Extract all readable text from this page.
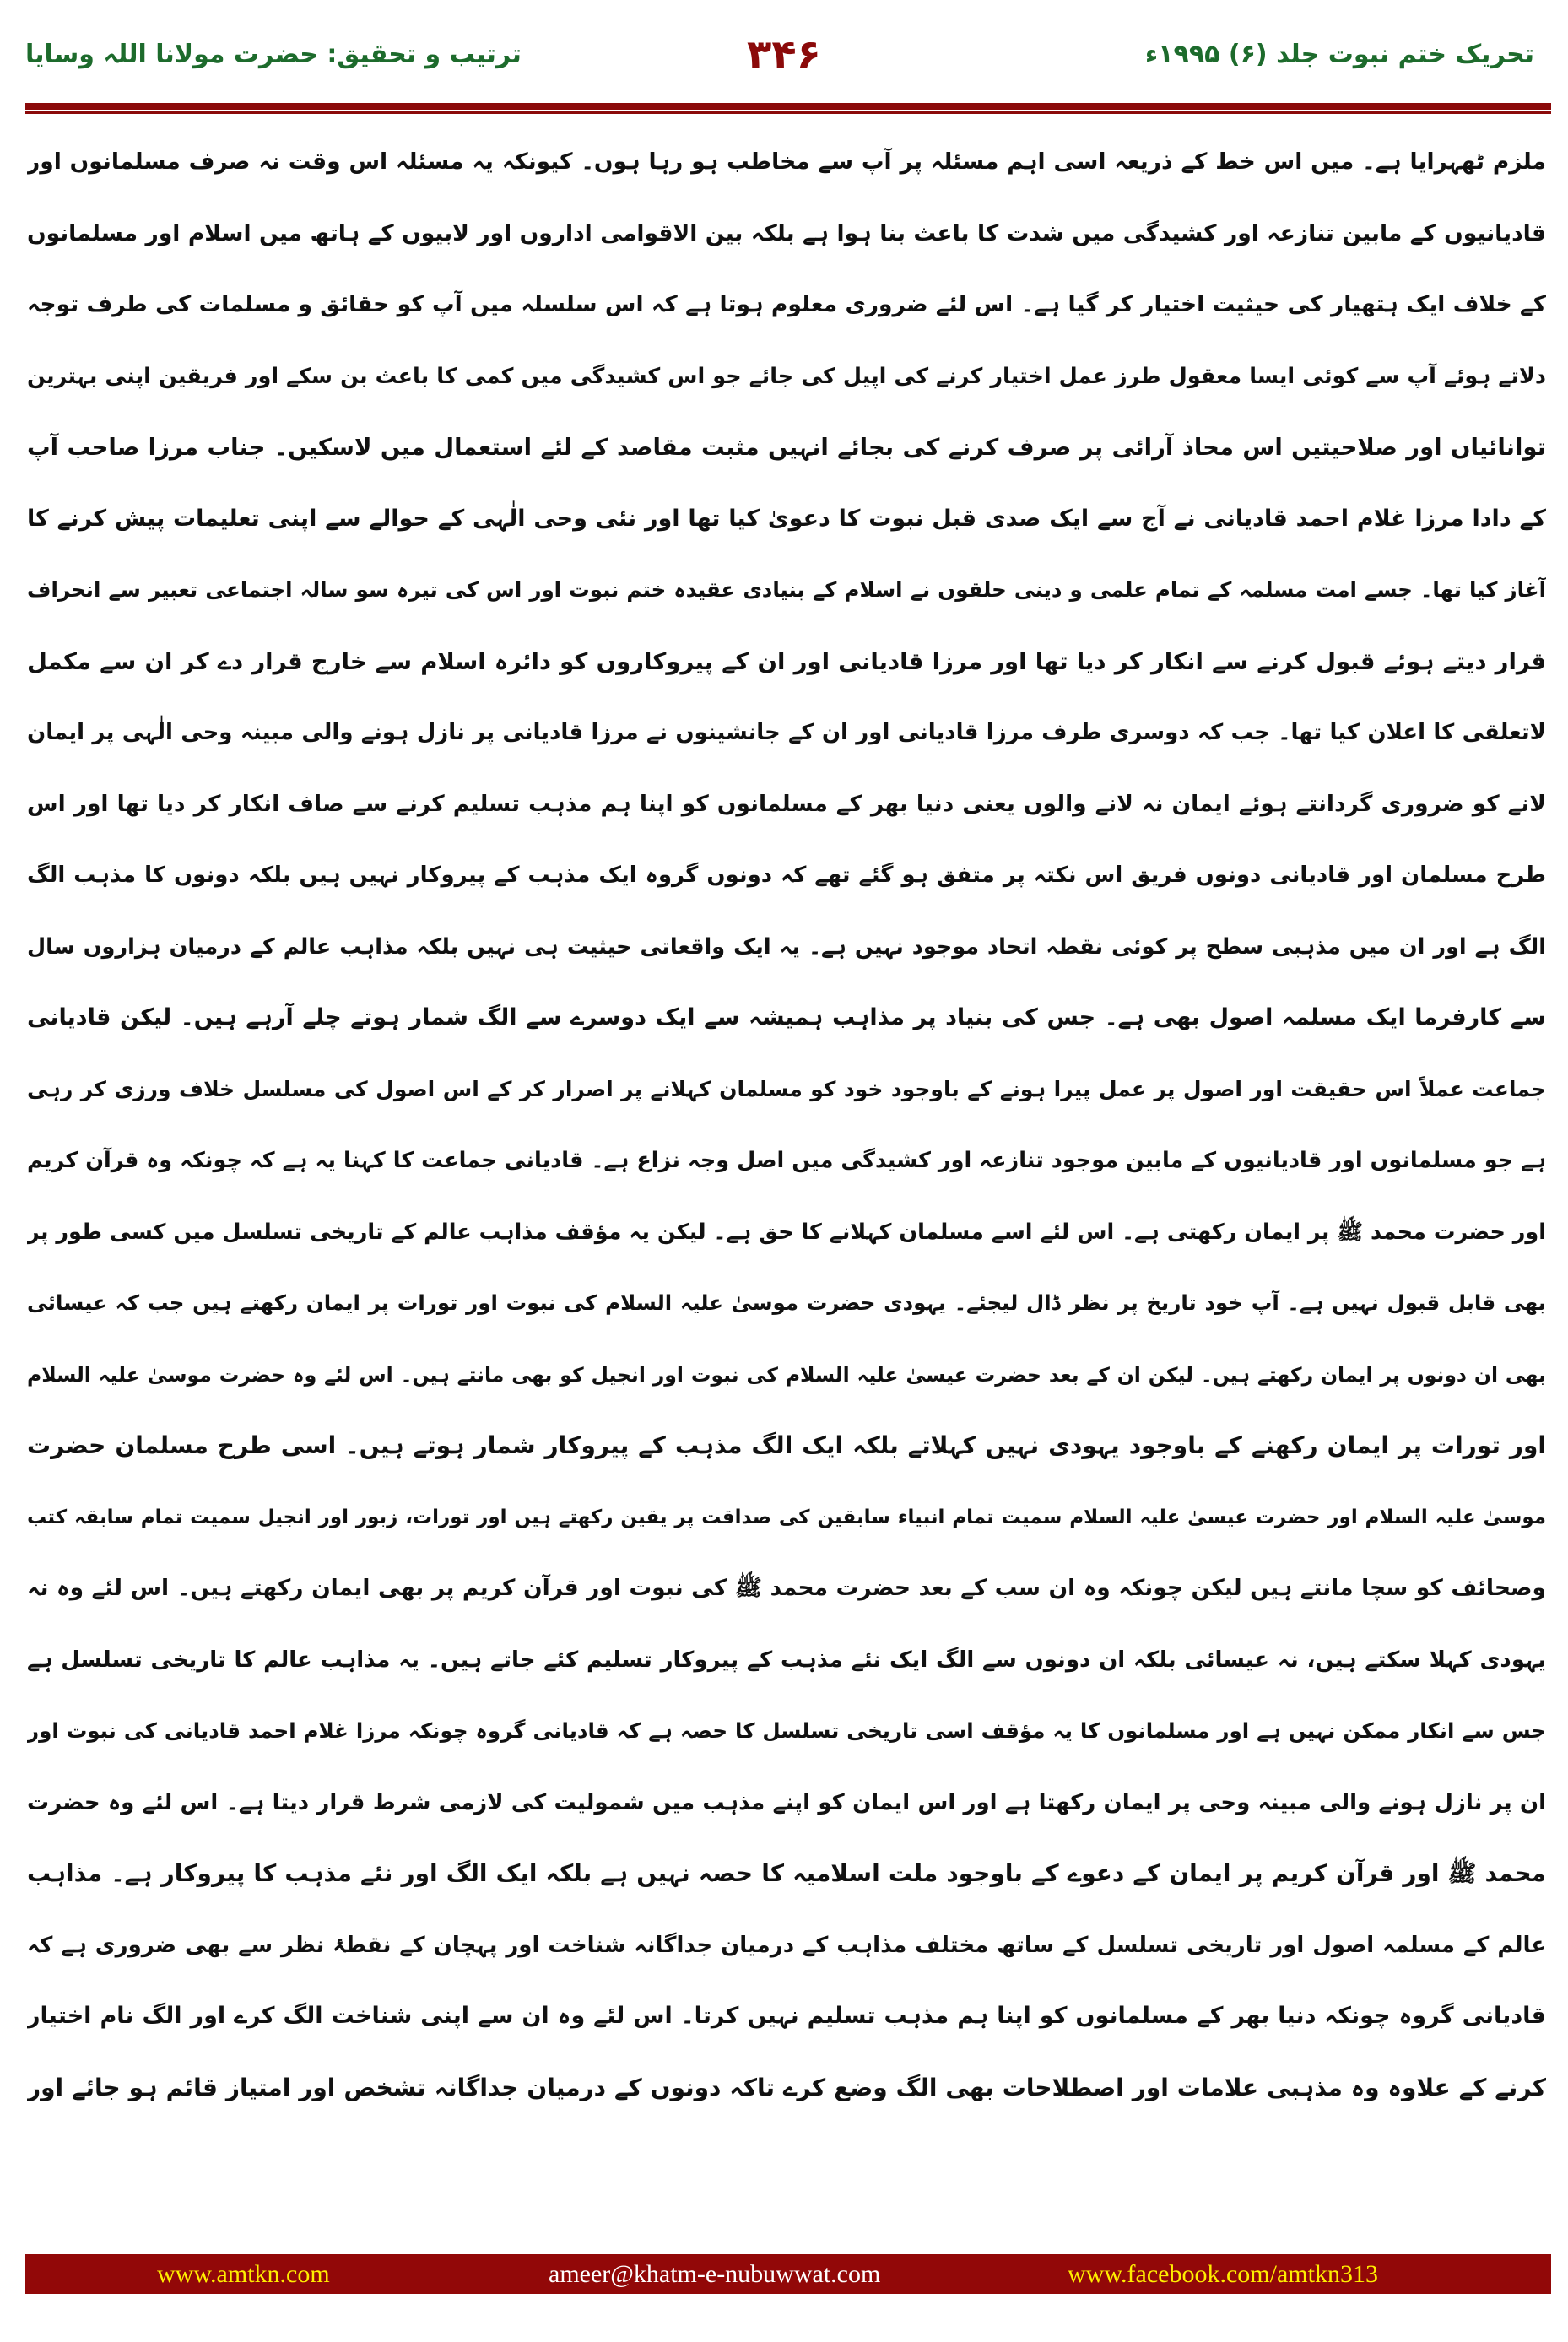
تحریک ختم نبوت جلد (۶) ۱۹۹۵ء
۳۴۶
ترتیب و تحقیق: حضرت مولانا اللہ وسایا
ملزم ٹھہرایا ہے۔ میں اس خط کے ذریعہ اسی اہم مسئلہ پر آپ سے مخاطب ہو رہا ہوں۔ کیونکہ یہ مسئلہ اس وقت نہ صرف مسلمانوں اور
قادیانیوں کے مابین تنازعہ اور کشیدگی میں شدت کا باعث بنا ہوا ہے بلکہ بین الاقوامی اداروں اور لابیوں کے ہاتھ میں اسلام اور مسلمانوں
کے خلاف ایک ہتھیار کی حیثیت اختیار کر گیا ہے۔ اس لئے ضروری معلوم ہوتا ہے کہ اس سلسلہ میں آپ کو حقائق و مسلمات کی طرف توجہ
دلاتے ہوئے آپ سے کوئی ایسا معقول طرز عمل اختیار کرنے کی اپیل کی جائے جو اس کشیدگی میں کمی کا باعث بن سکے اور فریقین اپنی بہترین
توانائیاں اور صلاحیتیں اس محاذ آرائی پر صرف کرنے کی بجائے انہیں مثبت مقاصد کے لئے استعمال میں لاسکیں۔ جناب مرزا صاحب آپ
کے دادا مرزا غلام احمد قادیانی نے آج سے ایک صدی قبل نبوت کا دعویٰ کیا تھا اور نئی وحی الٰہی کے حوالے سے اپنی تعلیمات پیش کرنے کا
آغاز کیا تھا۔ جسے امت مسلمہ کے تمام علمی و دینی حلقوں نے اسلام کے بنیادی عقیدہ ختم نبوت اور اس کی تیرہ سو سالہ اجتماعی تعبیر سے انحراف
قرار دیتے ہوئے قبول کرنے سے انکار کر دیا تھا اور مرزا قادیانی اور ان کے پیروکاروں کو دائرہ اسلام سے خارج قرار دے کر ان سے مکمل
لاتعلقی کا اعلان کیا تھا۔ جب کہ دوسری طرف مرزا قادیانی اور ان کے جانشینوں نے مرزا قادیانی پر نازل ہونے والی مبینہ وحی الٰہی پر ایمان
لانے کو ضروری گردانتے ہوئے ایمان نہ لانے والوں یعنی دنیا بھر کے مسلمانوں کو اپنا ہم مذہب تسلیم کرنے سے صاف انکار کر دیا تھا اور اس
طرح مسلمان اور قادیانی دونوں فریق اس نکتہ پر متفق ہو گئے تھے کہ دونوں گروہ ایک مذہب کے پیروکار نہیں ہیں بلکہ دونوں کا مذہب الگ
الگ ہے اور ان میں مذہبی سطح پر کوئی نقطہ اتحاد موجود نہیں ہے۔ یہ ایک واقعاتی حیثیت ہی نہیں بلکہ مذاہب عالم کے درمیان ہزاروں سال
سے کارفرما ایک مسلمہ اصول بھی ہے۔ جس کی بنیاد پر مذاہب ہمیشہ سے ایک دوسرے سے الگ شمار ہوتے چلے آرہے ہیں۔ لیکن قادیانی
جماعت عملاً اس حقیقت اور اصول پر عمل پیرا ہونے کے باوجود خود کو مسلمان کہلانے پر اصرار کر کے اس اصول کی مسلسل خلاف ورزی کر رہی
ہے جو مسلمانوں اور قادیانیوں کے مابین موجود تنازعہ اور کشیدگی میں اصل وجہ نزاع ہے۔ قادیانی جماعت کا کہنا یہ ہے کہ چونکہ وہ قرآن کریم
اور حضرت محمد ﷺ پر ایمان رکھتی ہے۔ اس لئے اسے مسلمان کہلانے کا حق ہے۔ لیکن یہ مؤقف مذاہب عالم کے تاریخی تسلسل میں کسی طور پر
بھی قابل قبول نہیں ہے۔ آپ خود تاریخ پر نظر ڈال لیجئے۔ یہودی حضرت موسیٰ علیہ السلام کی نبوت اور تورات پر ایمان رکھتے ہیں جب کہ عیسائی
بھی ان دونوں پر ایمان رکھتے ہیں۔ لیکن ان کے بعد حضرت عیسیٰ علیہ السلام کی نبوت اور انجیل کو بھی مانتے ہیں۔ اس لئے وہ حضرت موسیٰ علیہ السلام
اور تورات پر ایمان رکھنے کے باوجود یہودی نہیں کہلاتے بلکہ ایک الگ مذہب کے پیروکار شمار ہوتے ہیں۔ اسی طرح مسلمان حضرت
موسیٰ علیہ السلام اور حضرت عیسیٰ علیہ السلام سمیت تمام انبیاء سابقین کی صداقت پر یقین رکھتے ہیں اور تورات، زبور اور انجیل سمیت تمام سابقہ کتب
وصحائف کو سچا مانتے ہیں لیکن چونکہ وہ ان سب کے بعد حضرت محمد ﷺ کی نبوت اور قرآن کریم پر بھی ایمان رکھتے ہیں۔ اس لئے وہ نہ
یہودی کہلا سکتے ہیں، نہ عیسائی بلکہ ان دونوں سے الگ ایک نئے مذہب کے پیروکار تسلیم کئے جاتے ہیں۔ یہ مذاہب عالم کا تاریخی تسلسل ہے
جس سے انکار ممکن نہیں ہے اور مسلمانوں کا یہ مؤقف اسی تاریخی تسلسل کا حصہ ہے کہ قادیانی گروہ چونکہ مرزا غلام احمد قادیانی کی نبوت اور
ان پر نازل ہونے والی مبینہ وحی پر ایمان رکھتا ہے اور اس ایمان کو اپنے مذہب میں شمولیت کی لازمی شرط قرار دیتا ہے۔ اس لئے وہ حضرت
محمد ﷺ اور قرآن کریم پر ایمان کے دعوے کے باوجود ملت اسلامیہ کا حصہ نہیں ہے بلکہ ایک الگ اور نئے مذہب کا پیروکار ہے۔ مذاہب
عالم کے مسلمہ اصول اور تاریخی تسلسل کے ساتھ مختلف مذاہب کے درمیان جداگانہ شناخت اور پہچان کے نقطۂ نظر سے بھی ضروری ہے کہ
قادیانی گروہ چونکہ دنیا بھر کے مسلمانوں کو اپنا ہم مذہب تسلیم نہیں کرتا۔ اس لئے وہ ان سے اپنی شناخت الگ کرے اور الگ نام اختیار
کرنے کے علاوہ وہ مذہبی علامات اور اصطلاحات بھی الگ وضع کرے تاکہ دونوں کے درمیان جداگانہ تشخص اور امتیاز قائم ہو جائے اور
www.amtkn.com	ameer@khatm-e-nubuwwat.com	www.facebook.com/amtkn313
